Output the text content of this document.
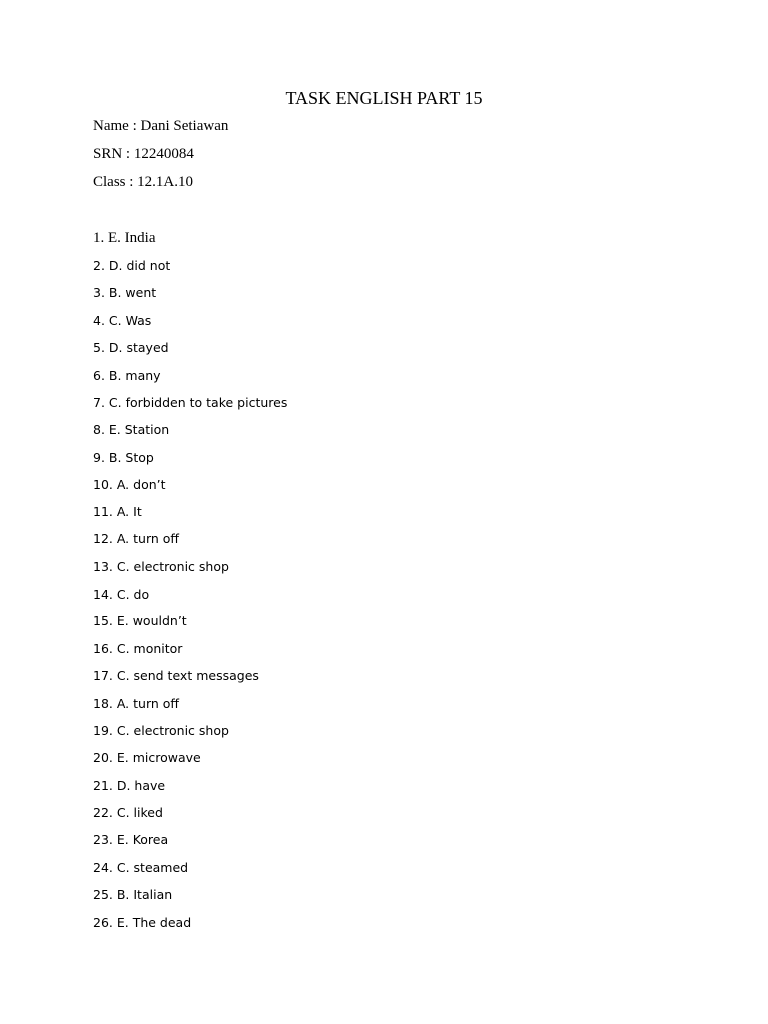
TASK ENGLISH PART 15
Name : Dani Setiawan
SRN : 12240084
Class : 12.1A.10
1. E. India
2. D. did not
3. B. went
4. C. Was
5. D. stayed
6. B. many
7. C. forbidden to take pictures
8. E. Station
9. B. Stop
10. A. don’t
11. A. It
12. A. turn off
13. C. electronic shop
14. C. do
15. E. wouldn’t
16. C. monitor
17. C. send text messages
18. A. turn off
19. C. electronic shop
20. E. microwave
21. D. have
22. C. liked
23. E. Korea
24. C. steamed
25. B. Italian
26. E. The dead
